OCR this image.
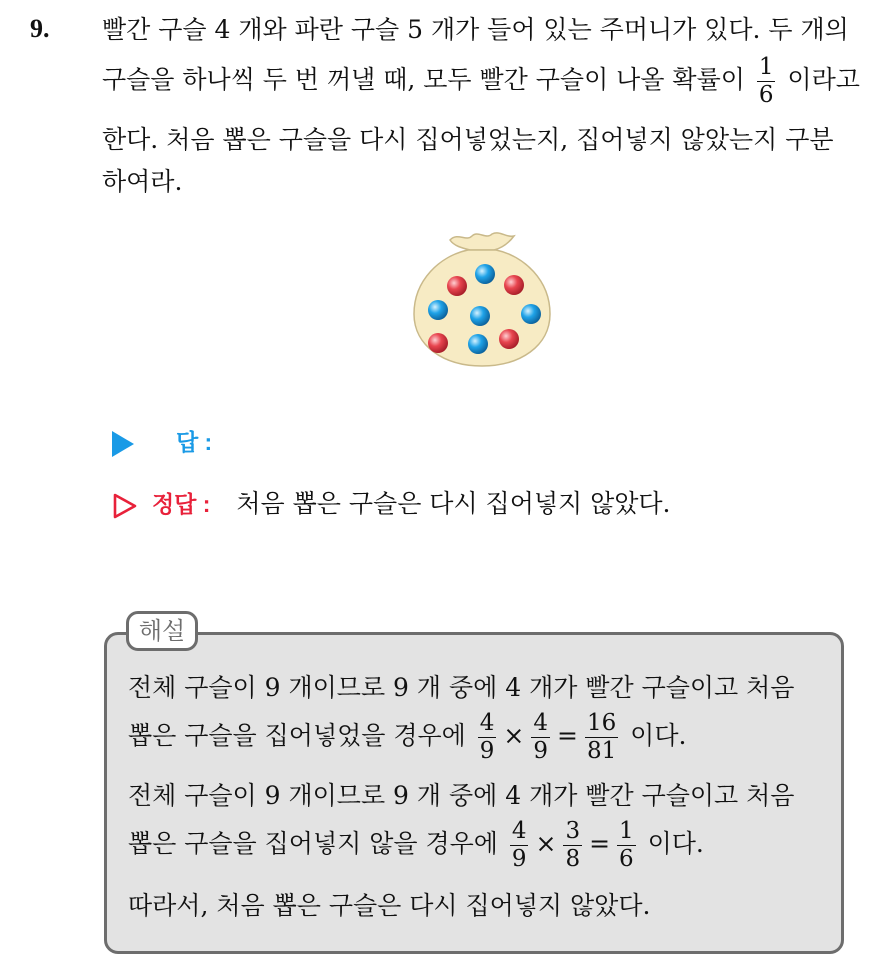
9. 빨간 구슬 4 개와 파란 구슬 5 개가 들어 있는 주머니가 있다. 두 개의
구슬을 하나씩 두 번 꺼낼 때, 모두 빨간 구슬이 나올 확률이 $\frac{1}{6}$ 이라고
한다. 처음 뽑은 구슬을 다시 집어넣었는지, 집어넣지 않았는지 구분
하여라.
답 :
정답 : 처음 뽑은 구슬은 다시 집어넣지 않았다.
해설
전체 구슬이 9 개이므로 9 개 중에 4 개가 빨간 구슬이고 처음
뽑은 구슬을 집어넣었을 경우에 $\frac{4}{9} \times \frac{4}{9} = \frac{16}{81}$ 이다.
전체 구슬이 9 개이므로 9 개 중에 4 개가 빨간 구슬이고 처음
뽑은 구슬을 집어넣지 않을 경우에 $\frac{4}{9} \times \frac{3}{8} = \frac{1}{6}$ 이다.
따라서, 처음 뽑은 구슬은 다시 집어넣지 않았다.
